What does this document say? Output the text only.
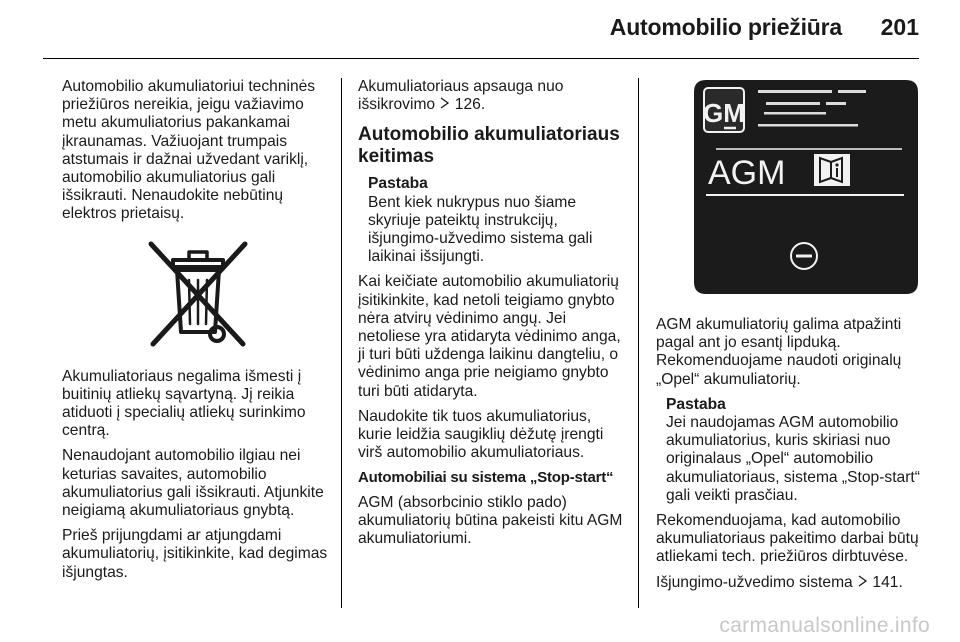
Automobilio priežiūra 201

Automobilio akumuliatoriui techninės priežiūros nereikia, jeigu važiavimo metu akumuliatorius pakankamai įkraunamas. Važiuojant trumpais atstumais ir dažnai užvedant variklį, automobilio akumuliatorius gali išsikrauti. Nenaudokite nebūtinų elektros prietaisų.

Akumuliatoriaus negalima išmesti į buitinių atliekų sąvartyną. Jį reikia atiduoti į specialių atliekų surinkimo centrą.

Nenaudojant automobilio ilgiau nei keturias savaites, automobilio akumuliatorius gali išsikrauti. Atjunkite neigiamą akumuliatoriaus gnybtą.

Prieš prijungdami ar atjungdami akumuliatorių, įsitikinkite, kad degimas išjungtas.

Akumuliatoriaus apsauga nuo išsikrovimo 126.

Automobilio akumuliatoriaus keitimas
Pastaba
Bent kiek nukrypus nuo šiame skyriuje pateiktų instrukcijų, išjungimo-užvedimo sistema gali laikinai išsijungti.

Kai keičiate automobilio akumuliatorių įsitikinkite, kad netoli teigiamo gnybto nėra atvirų vėdinimo angų. Jei netoliese yra atidaryta vėdinimo anga, ji turi būti uždenga laikinu dangteliu, o vėdinimo anga prie neigiamo gnybto turi būti atidaryta.

Naudokite tik tuos akumuliatorius, kurie leidžia saugiklių dėžutę įrengti virš automobilio akumuliatoriaus.

Automobiliai su sistema „Stop-start“

AGM (absorbcinio stiklo pado) akumuliatorių būtina pakeisti kitu AGM akumuliatoriumi.

GM
AGM

AGM akumuliatorių galima atpažinti pagal ant jo esantį lipduką. Rekomenduojame naudoti originalų „Opel“ akumuliatorių.

Pastaba
Jei naudojamas AGM automobilio akumuliatorius, kuris skiriasi nuo originalaus „Opel“ automobilio akumuliatoriaus, sistema „Stop-start“ gali veikti prasčiau.

Rekomenduojama, kad automobilio akumuliatoriaus pakeitimo darbai būtų atliekami tech. priežiūros dirbtuvėse.

Išjungimo-užvedimo sistema 141.

carmanualsonline.info
